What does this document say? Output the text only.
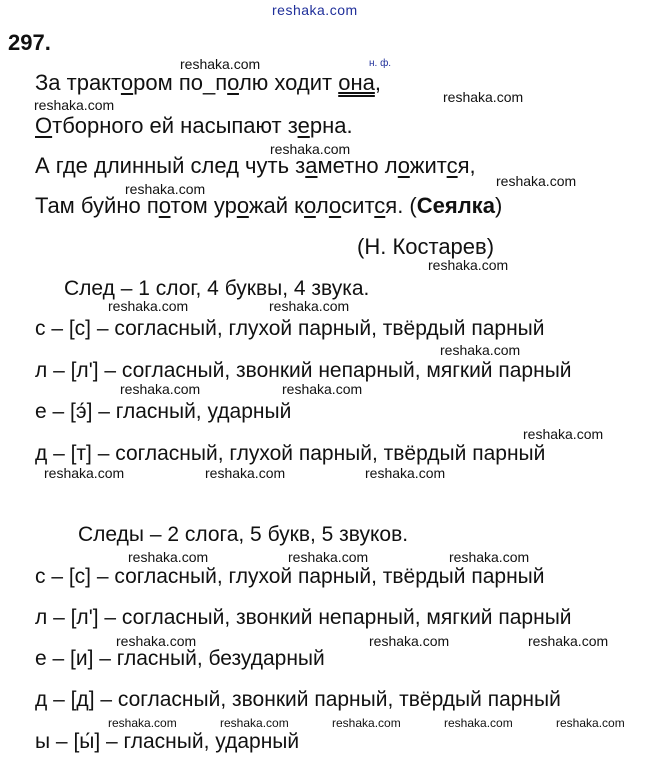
reshaka.com
297.
н. ф.
За трактором по_полю ходит она,
Отборного ей насыпают зерна.
А где длинный след чуть заметно ложится,
Там буйно потом урожай колосится. (Сеялка)
(Н. Костарев)
След – 1 слог, 4 буквы, 4 звука.
с – [с] – согласный, глухой парный, твёрдый парный
л – [л'] – согласный, звонкий непарный, мягкий парный
е – [э́] – гласный, ударный
д – [т] – согласный, глухой парный, твёрдый парный
Следы – 2 слога, 5 букв, 5 звуков.
с – [с] – согласный, глухой парный, твёрдый парный
л – [л'] – согласный, звонкий непарный, мягкий парный
е – [и] – гласный, безударный
д – [д] – согласный, звонкий парный, твёрдый парный
ы – [ы́] – гласный, ударный
reshaka.com
reshaka.com	reshaka.com
reshaka.com
reshaka.com	reshaka.com
reshaka.com
reshaka.com	reshaka.com
reshaka.com
reshaka.com	reshaka.com
reshaka.com
reshaka.com	reshaka.com	reshaka.com
reshaka.com	reshaka.com	reshaka.com
reshaka.com	reshaka.com	reshaka.com
reshaka.com	reshaka.com	reshaka.com	reshaka.com	reshaka.com
